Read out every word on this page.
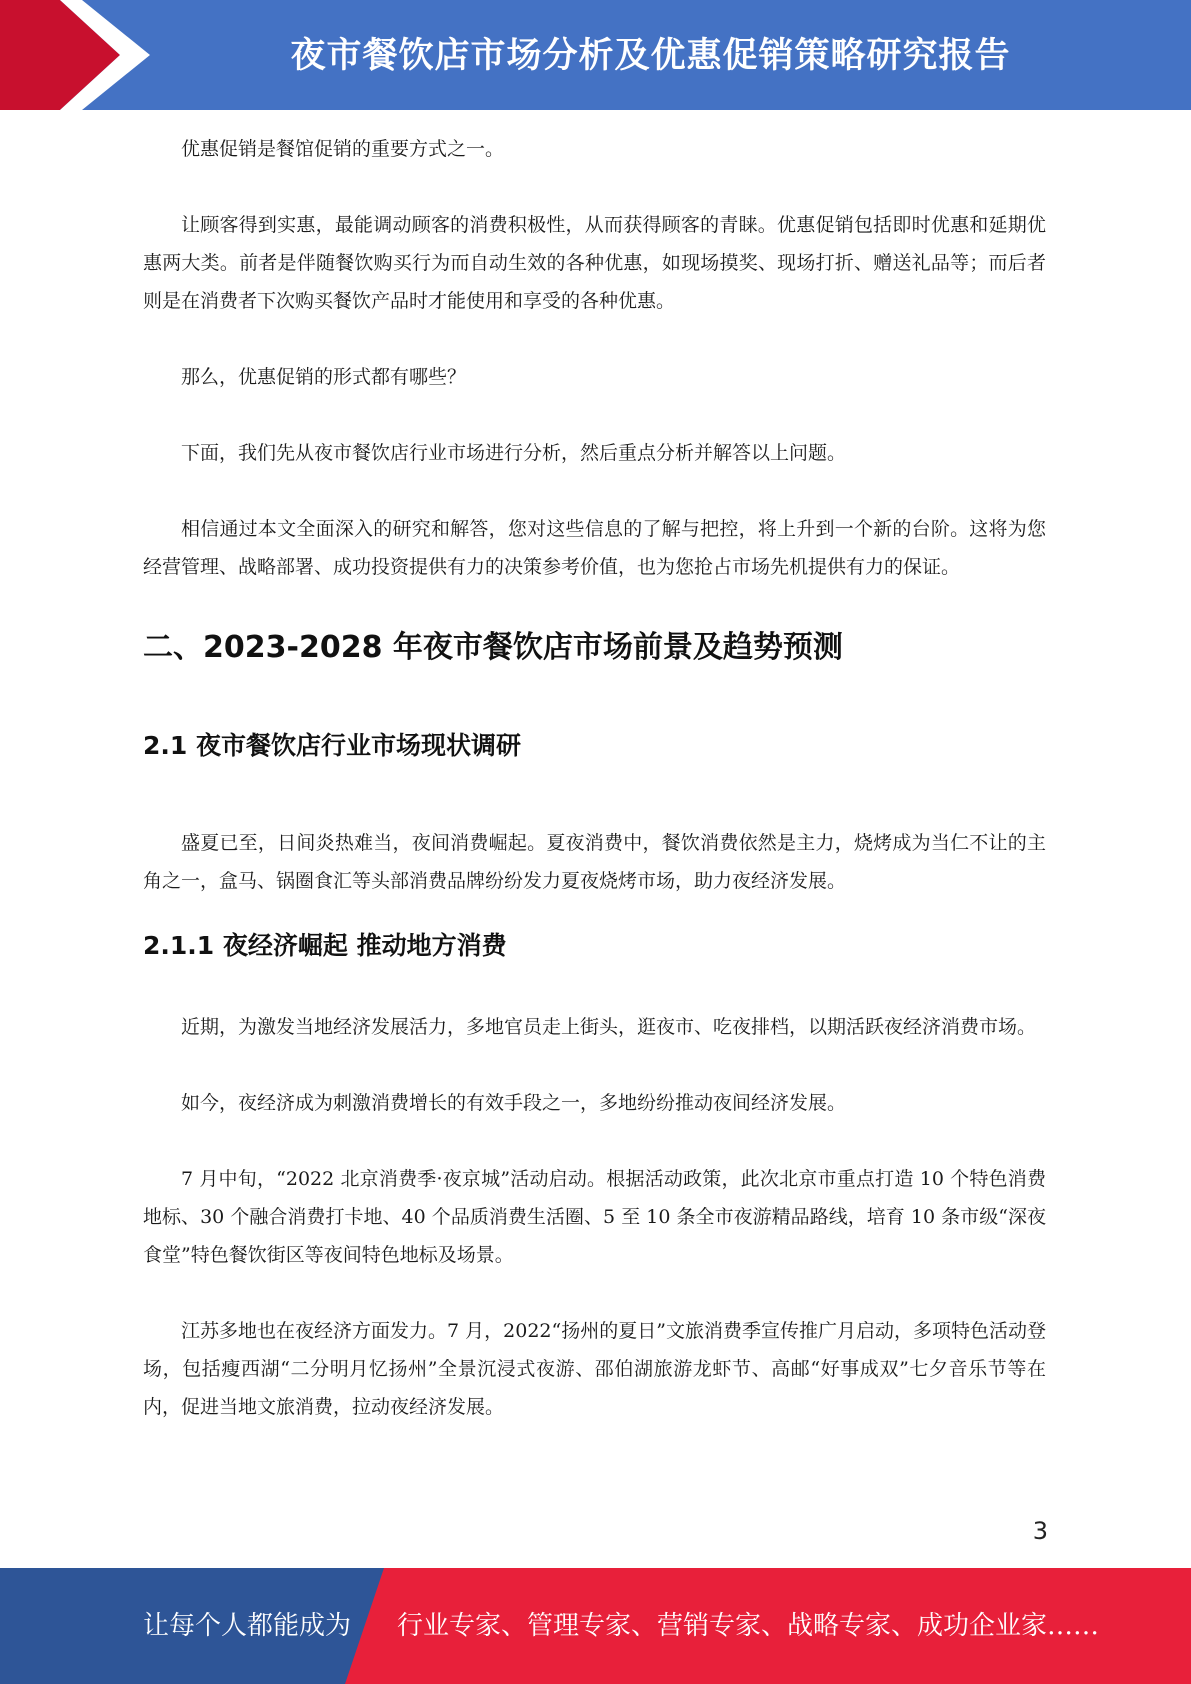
夜市餐饮店市场分析及优惠促销策略研究报告

优惠促销是餐馆促销的重要方式之一。

让顾客得到实惠，最能调动顾客的消费积极性，从而获得顾客的青睐。优惠促销包括即时优惠和延期优惠两大类。前者是伴随餐饮购买行为而自动生效的各种优惠，如现场摸奖、现场打折、赠送礼品等；而后者则是在消费者下次购买餐饮产品时才能使用和享受的各种优惠。

那么，优惠促销的形式都有哪些？

下面，我们先从夜市餐饮店行业市场进行分析，然后重点分析并解答以上问题。

相信通过本文全面深入的研究和解答，您对这些信息的了解与把控，将上升到一个新的台阶。这将为您经营管理、战略部署、成功投资提供有力的决策参考价值，也为您抢占市场先机提供有力的保证。

二、2023-2028 年夜市餐饮店市场前景及趋势预测
2.1 夜市餐饮店行业市场现状调研

盛夏已至，日间炎热难当，夜间消费崛起。夏夜消费中，餐饮消费依然是主力，烧烤成为当仁不让的主角之一，盒马、锅圈食汇等头部消费品牌纷纷发力夏夜烧烤市场，助力夜经济发展。

2.1.1 夜经济崛起 推动地方消费

近期，为激发当地经济发展活力，多地官员走上街头，逛夜市、吃夜排档，以期活跃夜经济消费市场。

如今，夜经济成为刺激消费增长的有效手段之一，多地纷纷推动夜间经济发展。

7 月中旬，“2022 北京消费季·夜京城”活动启动。根据活动政策，此次北京市重点打造 10 个特色消费地标、30 个融合消费打卡地、40 个品质消费生活圈、5 至 10 条全市夜游精品路线，培育 10 条市级“深夜食堂”特色餐饮街区等夜间特色地标及场景。

江苏多地也在夜经济方面发力。7 月，2022“扬州的夏日”文旅消费季宣传推广月启动，多项特色活动登场，包括瘦西湖“二分明月忆扬州”全景沉浸式夜游、邵伯湖旅游龙虾节、高邮“好事成双”七夕音乐节等在内，促进当地文旅消费，拉动夜经济发展。

3
让每个人都能成为 行业专家、管理专家、营销专家、战略专家、成功企业家……
